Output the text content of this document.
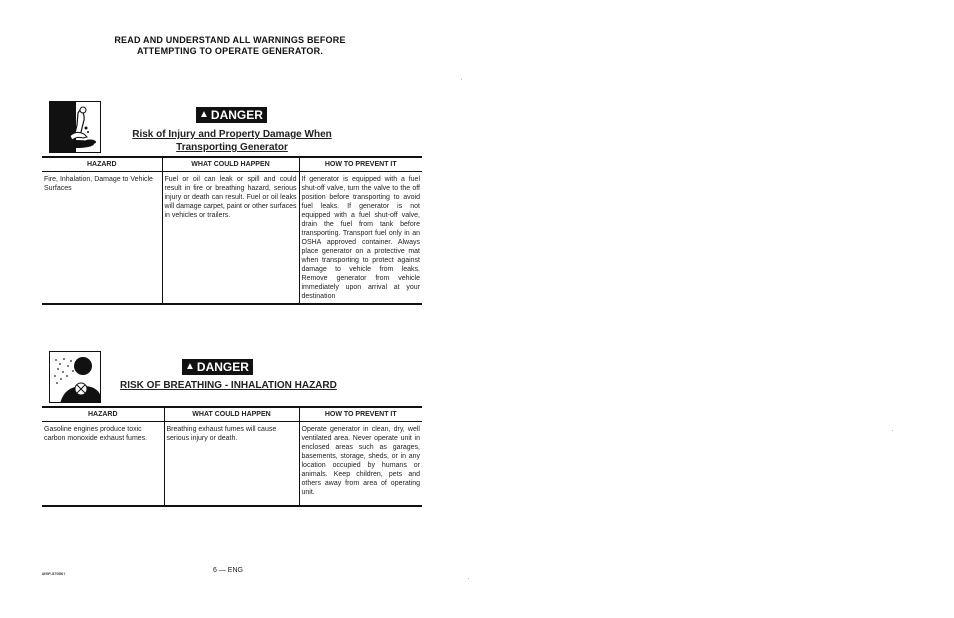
READ AND UNDERSTAND ALL WARNINGS BEFORE
ATTEMPTING TO OPERATE GENERATOR.
▲ DANGER
Risk of Injury and Property Damage When
Transporting Generator
HAZARD	WHAT COULD HAPPEN	HOW TO PREVENT IT
Fire, Inhalation, Damage to Vehicle Surfaces	Fuel or oil can leak or spill and could result in fire or breathing hazard, serious injury or death can result. Fuel or oil leaks will damage carpet, paint or other surfaces in vehicles or trailers.	If generator is equipped with a fuel shut-off valve, turn the valve to the off position before transporting to avoid fuel leaks. If generator is not equipped with a fuel shut-off valve, drain the fuel from tank before transporting. Transport fuel only in an OSHA approved container. Always place generator on a protective mat when transporting to protect against damage to vehicle from leaks. Remove generator from vehicle immediately upon arrival at your destination
▲ DANGER
RISK OF BREATHING - INHALATION HAZARD
HAZARD	WHAT COULD HAPPEN	HOW TO PREVENT IT
Gasoline engines produce toxic carbon monoxide exhaust fumes.	Breathing exhaust fumes will cause serious injury or death.	Operate generator in clean, dry, well ventilated area. Never operate unit in enclosed areas such as garages, basements, storage, sheds, or in any location occupied by humans or animals. Keep children, pets and others away from area of operating unit.
MSP-57056†	6 — ENG
